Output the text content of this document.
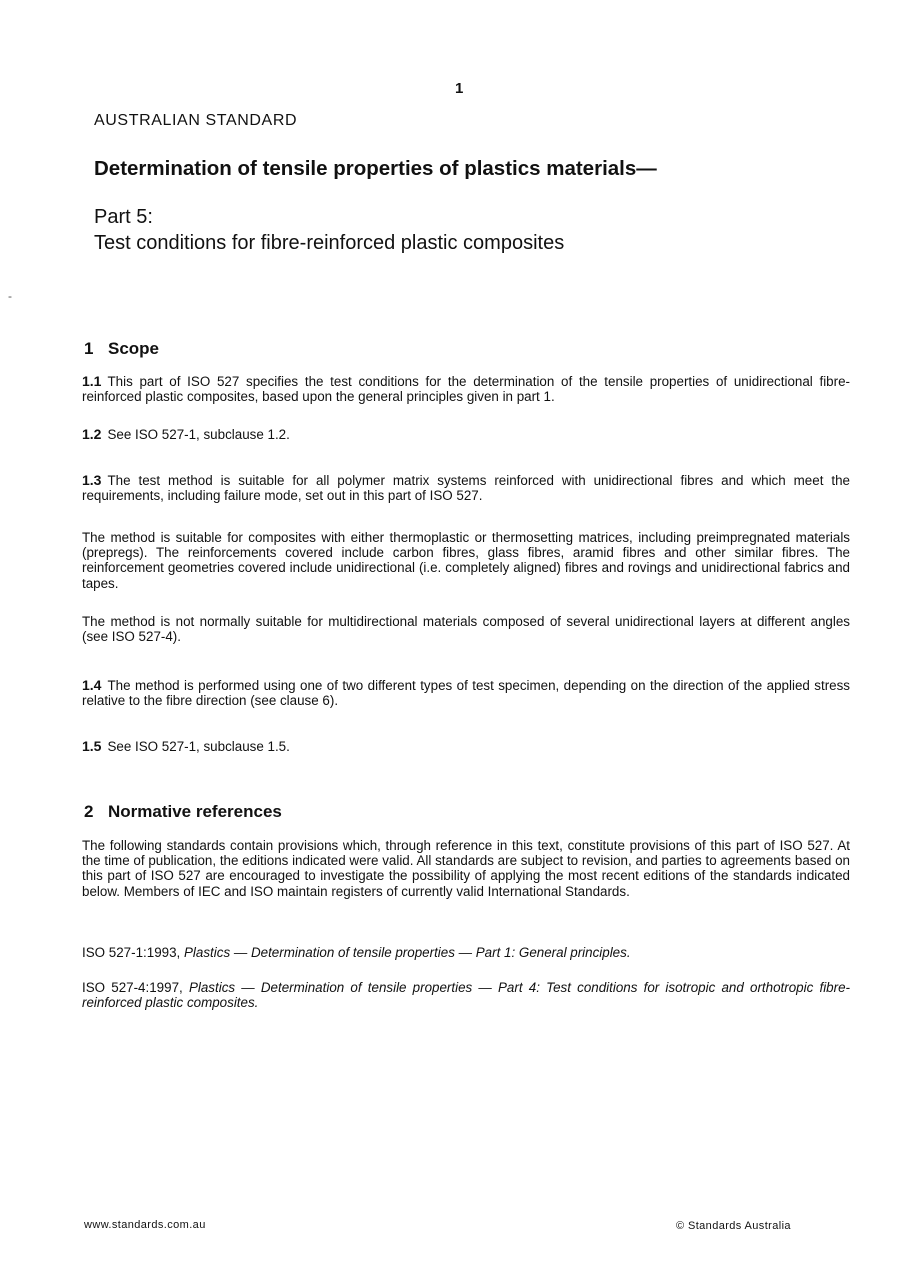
1
AUSTRALIAN STANDARD
Determination of tensile properties of plastics materials—
Part 5:
Test conditions for fibre-reinforced plastic composites
-
1 Scope
1.1 This part of ISO 527 specifies the test conditions for the determination of the tensile properties of unidirectional fibre-reinforced plastic composites, based upon the general principles given in part 1.
1.2 See ISO 527-1, subclause 1.2.
1.3 The test method is suitable for all polymer matrix systems reinforced with unidirectional fibres and which meet the requirements, including failure mode, set out in this part of ISO 527.
The method is suitable for composites with either thermoplastic or thermosetting matrices, including preimpregnated materials (prepregs). The reinforcements covered include carbon fibres, glass fibres, aramid fibres and other similar fibres. The reinforcement geometries covered include unidirectional (i.e. completely aligned) fibres and rovings and unidirectional fabrics and tapes.
The method is not normally suitable for multidirectional materials composed of several unidirectional layers at different angles (see ISO 527-4).
1.4 The method is performed using one of two different types of test specimen, depending on the direction of the applied stress relative to the fibre direction (see clause 6).
1.5 See ISO 527-1, subclause 1.5.
2 Normative references
The following standards contain provisions which, through reference in this text, constitute provisions of this part of ISO 527. At the time of publication, the editions indicated were valid. All standards are subject to revision, and parties to agreements based on this part of ISO 527 are encouraged to investigate the possibility of applying the most recent editions of the standards indicated below. Members of IEC and ISO maintain registers of currently valid International Standards.
ISO 527-1:1993, Plastics — Determination of tensile properties — Part 1: General principles.
ISO 527-4:1997, Plastics — Determination of tensile properties — Part 4: Test conditions for isotropic and orthotropic fibre-reinforced plastic composites.
www.standards.com.au	© Standards Australia
